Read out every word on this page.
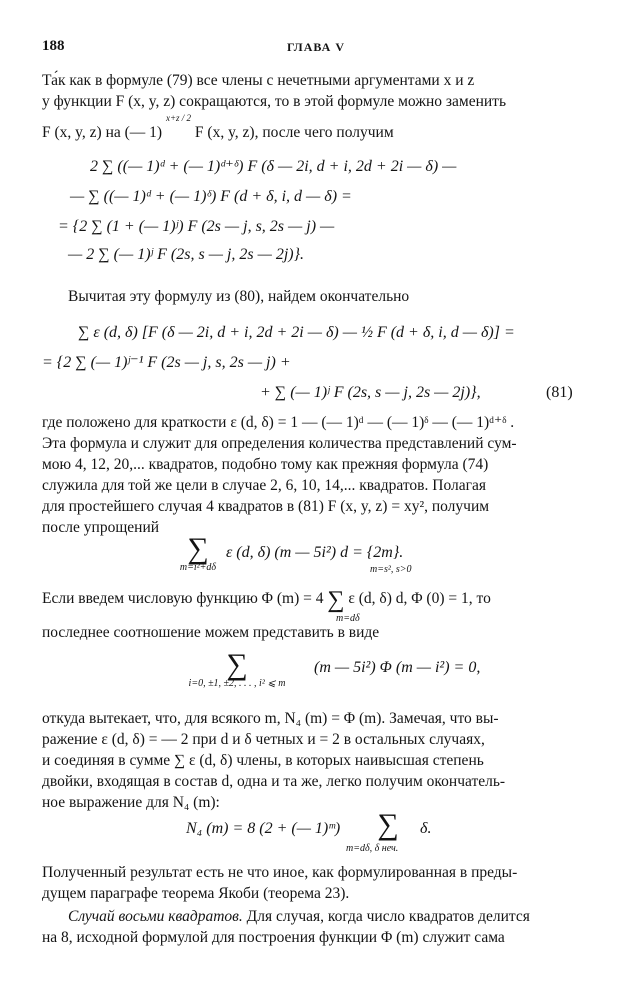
188	ГЛАВА V
Та́к как в формуле (79) все члены с нечетными аргументами x и z
у функции F (x, y, z) сокращаются, то в этой формуле можно заменить
F (x, y, z) на (— 1) $^{x+z / 2}$ F (x, y, z), после чего получим
2 ∑ ((— 1)ᵈ + (— 1)ᵈ⁺ᵟ) F (δ — 2i, d + i, 2d + 2i — δ) —
— ∑ ((— 1)ᵈ + (— 1)ᵟ) F (d + δ, i, d — δ) =
= {2 ∑ (1 + (— 1)ʲ) F (2s — j, s, 2s — j) —
— 2 ∑ (— 1)ʲ F (2s, s — j, 2s — 2j)}.
Вычитая эту формулу из (80), найдем окончательно
∑ ε (d, δ) [F (δ — 2i, d + i, 2d + 2i — δ) — ½ F (d + δ, i, d — δ)] =
= {2 ∑ (— 1)ʲ⁻¹ F (2s — j, s, 2s — j) +
+ ∑ (— 1)ʲ F (2s, s — j, 2s — 2j)},	(81)
где положено для краткости ε (d, δ) = 1 — (— 1)ᵈ — (— 1)ᵟ — (— 1)ᵈ⁺ᵟ .
Эта формула и служит для определения количества представлений сум-
мою 4, 12, 20,... квадратов, подобно тому как прежняя формула (74)
служила для той же цели в случае 2, 6, 10, 14,... квадратов. Полагая
для простейшего случая 4 квадратов в (81) F (x, y, z) = xy², получим
после упрощений
∑
m=i²+dδ
ε (d, δ) (m — 5i²) d = {2m}.
m=s², s>0
Если введем числовую функцию Φ (m) = 4 ∑ ε (d, δ) d, Φ (0) = 1, то
m=dδ
последнее соотношение можем представить в виде
∑
i=0, ±1, ±2, . . . , i² ⩽ m
(m — 5i²) Φ (m — i²) = 0,
откуда вытекает, что, для всякого m, N₄ (m) = Φ (m). Замечая, что вы-
ражение ε (d, δ) = — 2 при d и δ четных и = 2 в остальных случаях,
и соединяя в сумме ∑ ε (d, δ) члены, в которых наивысшая степень
двойки, входящая в состав d, одна и та же, легко получим окончатель-
ное выражение для N₄ (m):
N₄ (m) = 8 (2 + (— 1)ᵐ)	∑	δ.
m=dδ, δ неч.
Полученный результат есть не что иное, как формулированная в преды-
дущем параграфе теорема Якоби (теорема 23).
Случай восьми квадратов. Для случая, когда число квадратов делится
на 8, исходной формулой для построения функции Φ (m) служит сама
